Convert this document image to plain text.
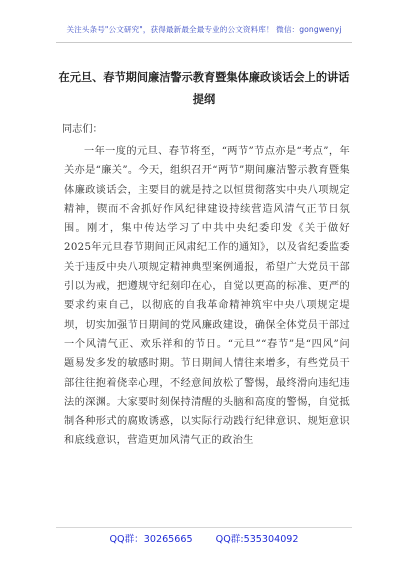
关注头条号"公文研究"，获得最新最全最专业的公文资料库！ 微信：gongwenyj
在元旦、春节期间廉洁警示教育暨集体廉政谈话会上的讲话提纲
同志们：

一年一度的元旦、春节将至，“两节”节点亦是“考点”，年关亦是“廉关”。今天，组织召开“两节”期间廉洁警示教育暨集体廉政谈话会，主要目的就是持之以恒贯彻落实中央八项规定精神，锲而不舍抓好作风纪律建设持续营造风清气正节日氛围。刚才，集中传达学习了中共中央纪委印发《关于做好2025年元旦春节期间正风肃纪工作的通知》，以及省纪委监委关于违反中央八项规定精神典型案例通报，希望广大党员干部引以为戒，把遵规守纪刻印在心，自觉以更高的标准、更严的要求约束自己，以彻底的自我革命精神筑牢中央八项规定堤坝，切实加强节日期间的党风廉政建设，确保全体党员干部过一个风清气正、欢乐祥和的节日。“元旦”“春节”是“四风”问题易发多发的敏感时期。节日期间人情往来增多，有些党员干部往往抱着侥幸心理，不经意间放松了警惕，最终滑向违纪违法的深渊。大家要时刻保持清醒的头脑和高度的警惕，自觉抵制各种形式的腐败诱惑，以实际行动践行纪律意识、规矩意识和底线意识，营造更加风清气正的政治生

QQ群：30265665 QQ群:535304092
